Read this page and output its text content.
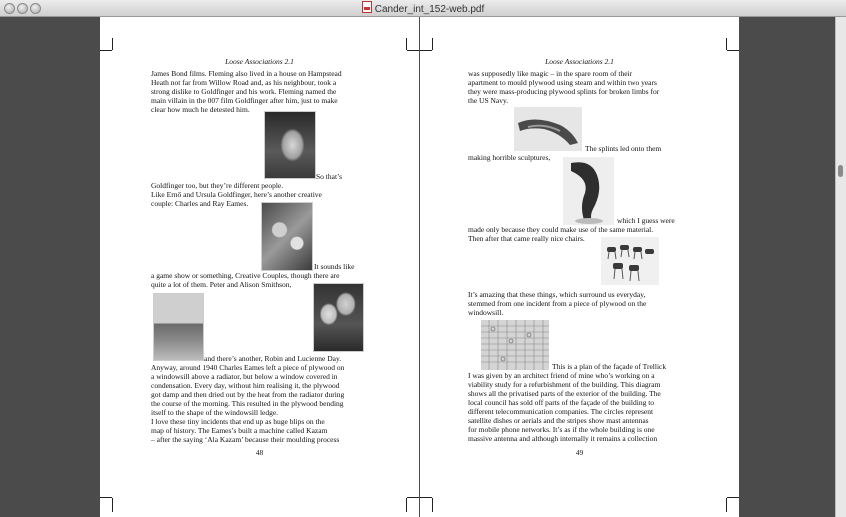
Cander_int_152-web.pdf
Loose Associations 2.1
James Bond films. Fleming also lived in a house on Hampstead
Heath not far from Willow Road and, as his neighbour, took a
strong dislike to Goldfinger and his work. Fleming named the
main villain in the 007 film Goldfinger after him, just to make
clear how much he detested him.
So that’s
Goldfinger too, but they’re different people.
Like Ernő and Ursula Goldfinger, here’s another creative
couple: Charles and Ray Eames.
It sounds like
a game show or something, Creative Couples, though there are
quite a lot of them. Peter and Alison Smithson,
and there’s another, Robin and Lucienne Day.
Anyway, around 1940 Charles Eames left a piece of plywood on
a windowsill above a radiator, but below a window covered in
condensation. Every day, without him realising it, the plywood
got damp and then dried out by the heat from the radiator during
the course of the morning. This resulted in the plywood bending
itself to the shape of the windowsill ledge.
I love these tiny incidents that end up as huge blips on the
map of history. The Eames’s built a machine called Kazam
– after the saying ‘Ala Kazam’ because their moulding process
48
Loose Associations 2.1
was supposedly like magic – in the spare room of their
apartment to mould plywood using steam and within two years
they were mass-producing plywood splints for broken limbs for
the US Navy.
The splints led onto them
making horrible sculptures,
which I guess were
made only because they could make use of the same material.
Then after that came really nice chairs.
It’s amazing that these things, which surround us everyday,
stemmed from one incident from a piece of plywood on the
windowsill.
This is a plan of the façade of Trellick
I was given by an architect friend of mine who’s working on a
viability study for a refurbishment of the building. This diagram
shows all the privatised parts of the exterior of the building. The
local council has sold off parts of the façade of the building to
different telecommunication companies. The circles represent
satellite dishes or aerials and the stripes show mast antennas
for mobile phone networks. It’s as if the whole building is one
massive antenna and although internally it remains a collection
49
